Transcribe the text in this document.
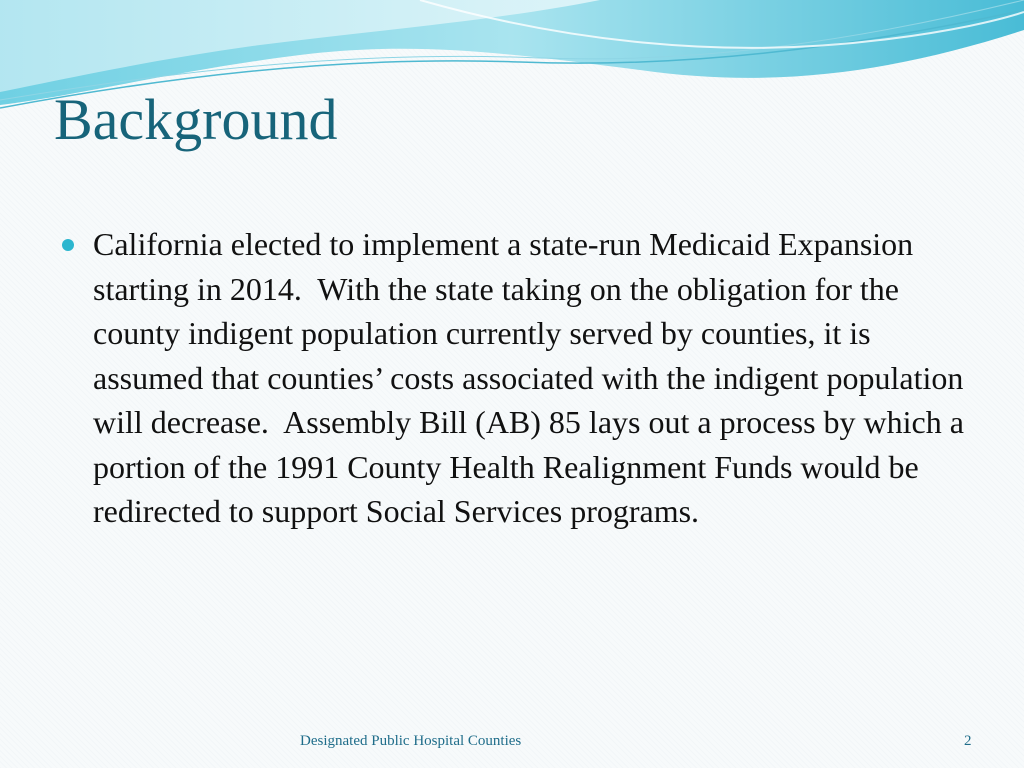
Background
California elected to implement a state-run Medicaid Expansion starting in 2014.  With the state taking on the obligation for the county indigent population currently served by counties, it is assumed that counties’ costs associated with the indigent population will decrease.  Assembly Bill (AB) 85 lays out a process by which a portion of the 1991 County Health Realignment Funds would be redirected to support Social Services programs.
Designated Public Hospital Counties	2
